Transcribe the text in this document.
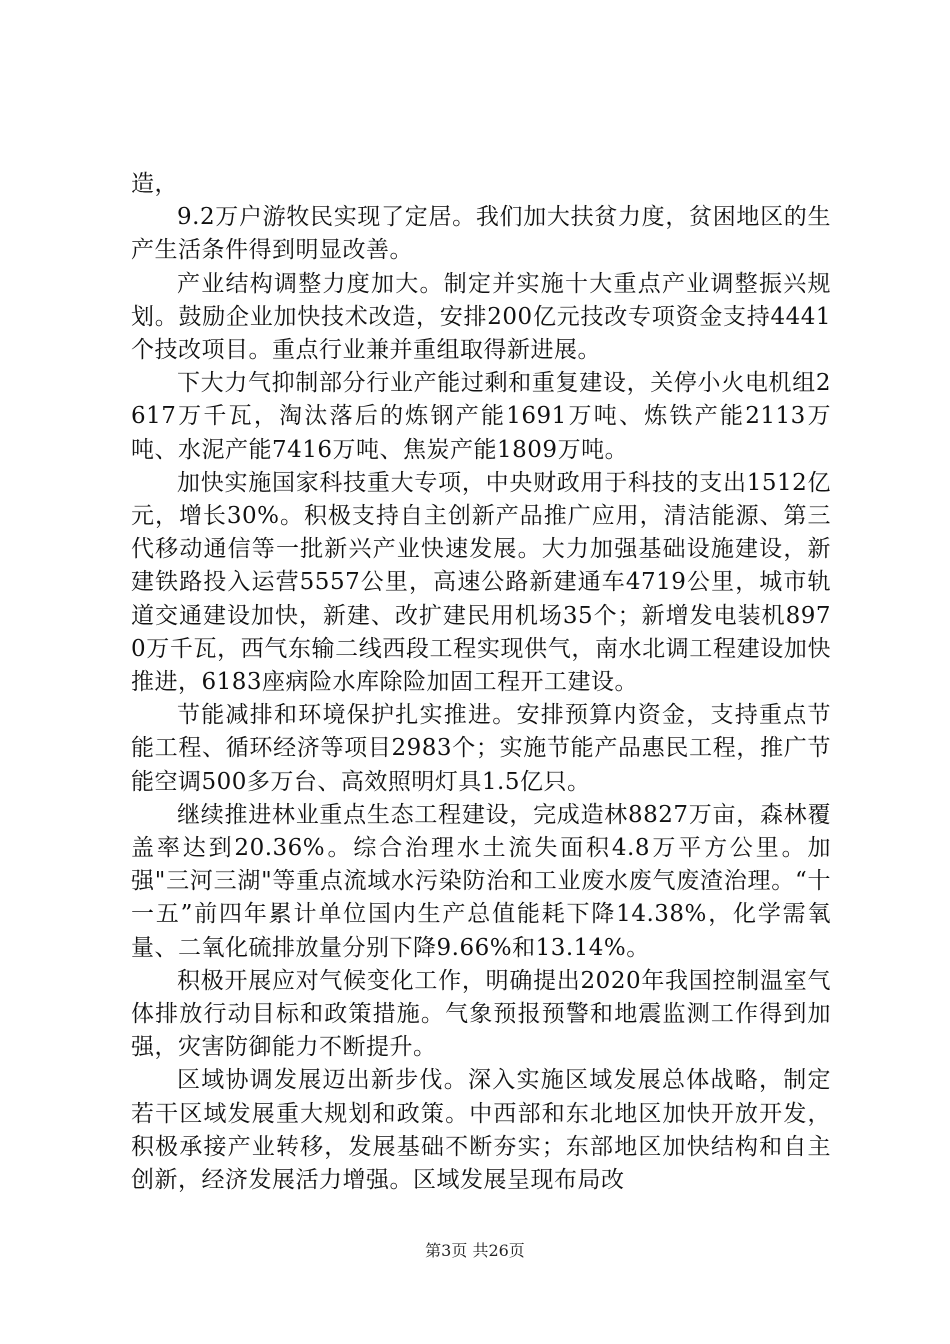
造，

9.2万户游牧民实现了定居。我们加大扶贫力度，贫困地区的生产生活条件得到明显改善。

产业结构调整力度加大。制定并实施十大重点产业调整振兴规划。鼓励企业加快技术改造，安排200亿元技改专项资金支持4441个技改项目。重点行业兼并重组取得新进展。

下大力气抑制部分行业产能过剩和重复建设，关停小火电机组2617万千瓦，淘汰落后的炼钢产能1691万吨、炼铁产能2113万吨、水泥产能7416万吨、焦炭产能1809万吨。

加快实施国家科技重大专项，中央财政用于科技的支出1512亿元，增长30%。积极支持自主创新产品推广应用，清洁能源、第三代移动通信等一批新兴产业快速发展。大力加强基础设施建设，新建铁路投入运营5557公里，高速公路新建通车4719公里，城市轨道交通建设加快，新建、改扩建民用机场35个；新增发电装机8970万千瓦，西气东输二线西段工程实现供气，南水北调工程建设加快推进，6183座病险水库除险加固工程开工建设。

节能减排和环境保护扎实推进。安排预算内资金，支持重点节能工程、循环经济等项目2983个；实施节能产品惠民工程，推广节能空调500多万台、高效照明灯具1.5亿只。

继续推进林业重点生态工程建设，完成造林8827万亩，森林覆盖率达到20.36%。综合治理水土流失面积4.8万平方公里。加强"三河三湖"等重点流域水污染防治和工业废水废气废渣治理。“十一五”前四年累计单位国内生产总值能耗下降14.38%，化学需氧量、二氧化硫排放量分别下降9.66%和13.14%。

积极开展应对气候变化工作，明确提出2020年我国控制温室气体排放行动目标和政策措施。气象预报预警和地震监测工作得到加强，灾害防御能力不断提升。

区域协调发展迈出新步伐。深入实施区域发展总体战略，制定若干区域发展重大规划和政策。中西部和东北地区加快开放开发，积极承接产业转移，发展基础不断夯实；东部地区加快结构和自主创新，经济发展活力增强。区域发展呈现布局改

第3页 共26页
